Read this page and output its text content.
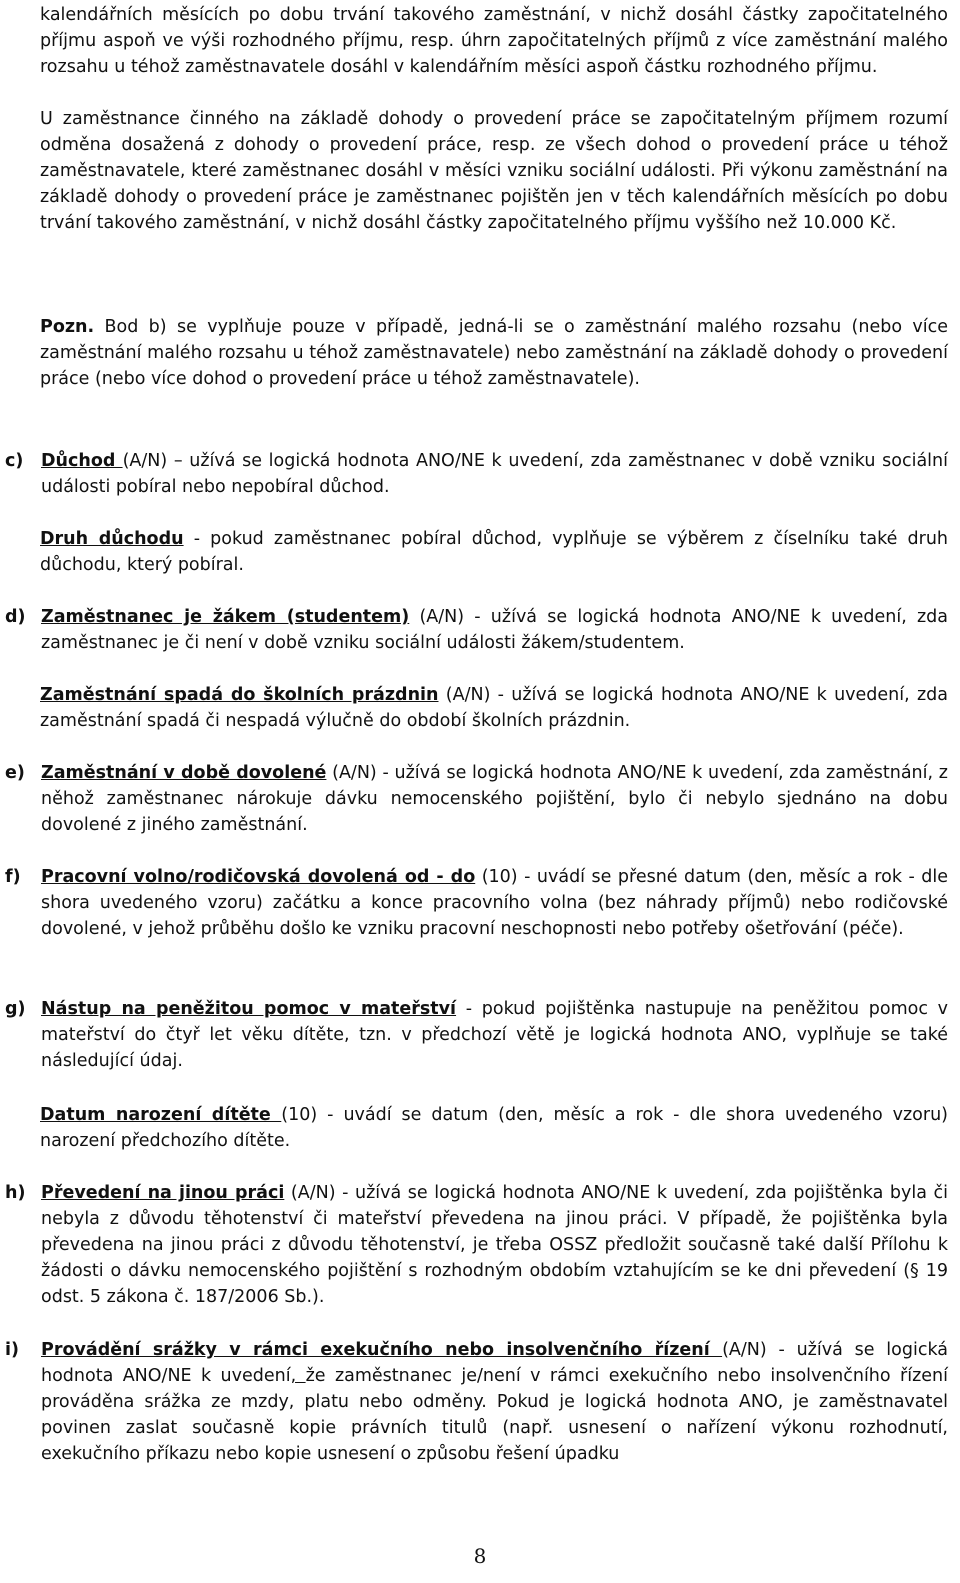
kalendářních měsících po dobu trvání takového zaměstnání, v nichž dosáhl částky započitatelného příjmu aspoň ve výši rozhodného příjmu, resp. úhrn započitatelných příjmů z více zaměstnání malého rozsahu u téhož zaměstnavatele dosáhl v kalendářním měsíci aspoň částku rozhodného příjmu.
U zaměstnance činného na základě dohody o provedení práce se započitatelným příjmem rozumí odměna dosažená z dohody o provedení práce, resp. ze všech dohod o provedení práce u téhož zaměstnavatele, které zaměstnanec dosáhl v měsíci vzniku sociální události. Při výkonu zaměstnání na základě dohody o provedení práce je zaměstnanec pojištěn jen v těch kalendářních měsících po dobu trvání takového zaměstnání, v nichž dosáhl částky započitatelného příjmu vyššího než 10.000 Kč.
Pozn. Bod b) se vyplňuje pouze v případě, jedná-li se o zaměstnání malého rozsahu (nebo více zaměstnání malého rozsahu u téhož zaměstnavatele) nebo zaměstnání na základě dohody o provedení práce (nebo více dohod o provedení práce u téhož zaměstnavatele).
c)	Důchod (A/N) – užívá se logická hodnota ANO/NE k uvedení, zda zaměstnanec v době vzniku sociální události pobíral nebo nepobíral důchod.
Druh důchodu - pokud zaměstnanec pobíral důchod, vyplňuje se výběrem z číselníku také druh důchodu, který pobíral.
d) Zaměstnanec je žákem (studentem) (A/N) - užívá se logická hodnota ANO/NE k uvedení, zda zaměstnanec je či není v době vzniku sociální události žákem/studentem.
Zaměstnání spadá do školních prázdnin (A/N) - užívá se logická hodnota ANO/NE k uvedení, zda zaměstnání spadá či nespadá výlučně do období školních prázdnin.
e) Zaměstnání v době dovolené (A/N) - užívá se logická hodnota ANO/NE k uvedení, zda zaměstnání, z něhož zaměstnanec nárokuje dávku nemocenského pojištění, bylo či nebylo sjednáno na dobu dovolené z jiného zaměstnání.
f)	Pracovní volno/rodičovská dovolená od - do (10) - uvádí se přesné datum (den, měsíc a rok - dle shora uvedeného vzoru) začátku a konce pracovního volna (bez náhrady příjmů) nebo rodičovské dovolené, v jehož průběhu došlo ke vzniku pracovní neschopnosti nebo potřeby ošetřování (péče).
g) Nástup na peněžitou pomoc v mateřství - pokud pojištěnka nastupuje na peněžitou pomoc v mateřství do čtyř let věku dítěte, tzn. v předchozí větě je logická hodnota ANO, vyplňuje se také následující údaj.
Datum narození dítěte (10) - uvádí se datum (den, měsíc a rok - dle shora uvedeného vzoru) narození předchozího dítěte.
h) Převedení na jinou práci (A/N) - užívá se logická hodnota ANO/NE k uvedení, zda pojištěnka byla či nebyla z důvodu těhotenství či mateřství převedena na jinou práci. V případě, že pojištěnka byla převedena na jinou práci z důvodu těhotenství, je třeba OSSZ předložit současně také další Přílohu k žádosti o dávku nemocenského pojištění s rozhodným obdobím vztahujícím se ke dni převedení (§ 19 odst. 5 zákona č. 187/2006 Sb.).
i)	Provádění srážky v rámci exekučního nebo insolvenčního řízení (A/N) - užívá se logická hodnota ANO/NE k uvedení, že zaměstnanec je/není v rámci exekučního nebo insolvenčního řízení prováděna srážka ze mzdy, platu nebo odměny. Pokud je logická hodnota ANO, je zaměstnavatel povinen zaslat současně kopie právních titulů (např. usnesení o nařízení výkonu rozhodnutí, exekučního příkazu nebo kopie usnesení o způsobu řešení úpadku
8
